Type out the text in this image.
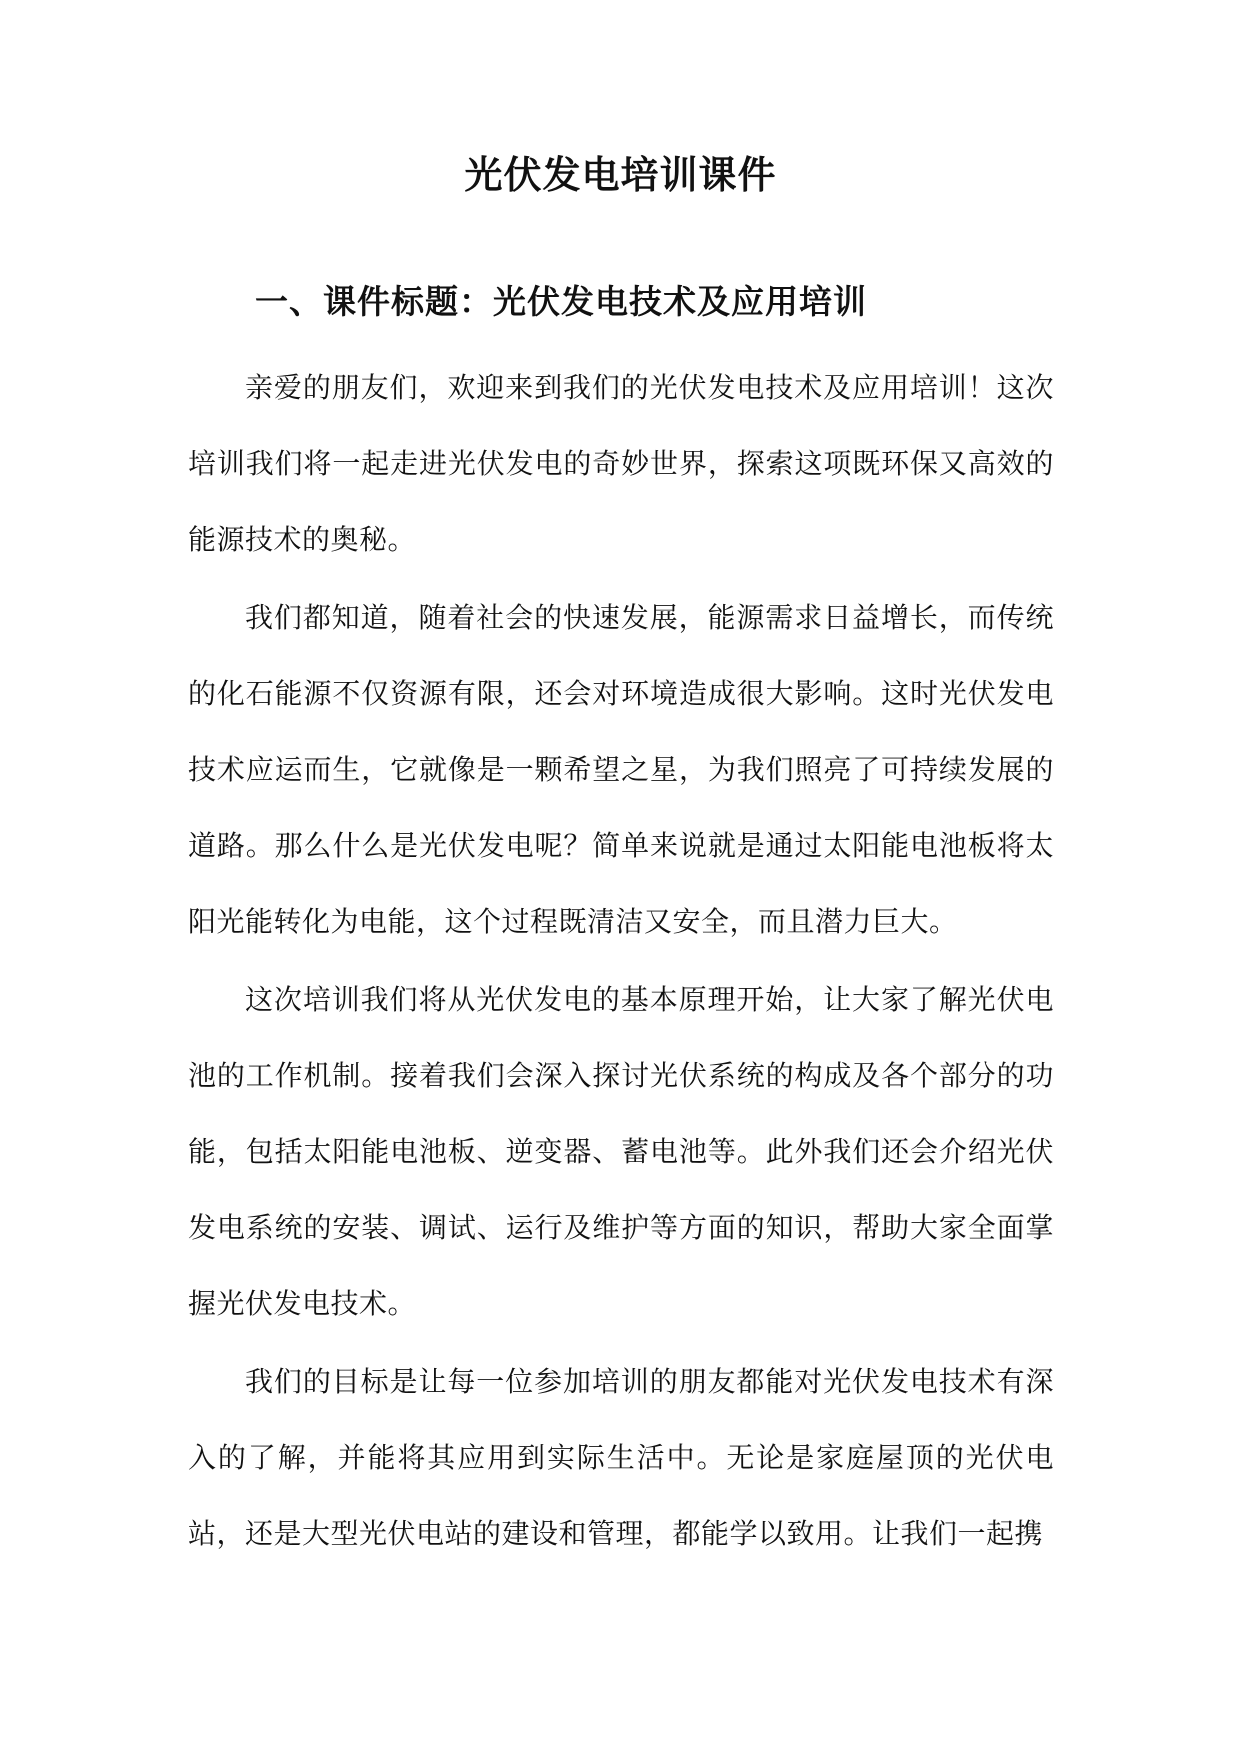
光伏发电培训课件
一、课件标题：光伏发电技术及应用培训

亲爱的朋友们，欢迎来到我们的光伏发电技术及应用培训！这次培训我们将一起走进光伏发电的奇妙世界，探索这项既环保又高效的能源技术的奥秘。

我们都知道，随着社会的快速发展，能源需求日益增长，而传统的化石能源不仅资源有限，还会对环境造成很大影响。这时光伏发电技术应运而生，它就像是一颗希望之星，为我们照亮了可持续发展的道路。那么什么是光伏发电呢？简单来说就是通过太阳能电池板将太阳光能转化为电能，这个过程既清洁又安全，而且潜力巨大。

这次培训我们将从光伏发电的基本原理开始，让大家了解光伏电池的工作机制。接着我们会深入探讨光伏系统的构成及各个部分的功能，包括太阳能电池板、逆变器、蓄电池等。此外我们还会介绍光伏发电系统的安装、调试、运行及维护等方面的知识，帮助大家全面掌握光伏发电技术。

我们的目标是让每一位参加培训的朋友都能对光伏发电技术有深入的了解，并能将其应用到实际生活中。无论是家庭屋顶的光伏电站，还是大型光伏电站的建设和管理，都能学以致用。让我们一起携
